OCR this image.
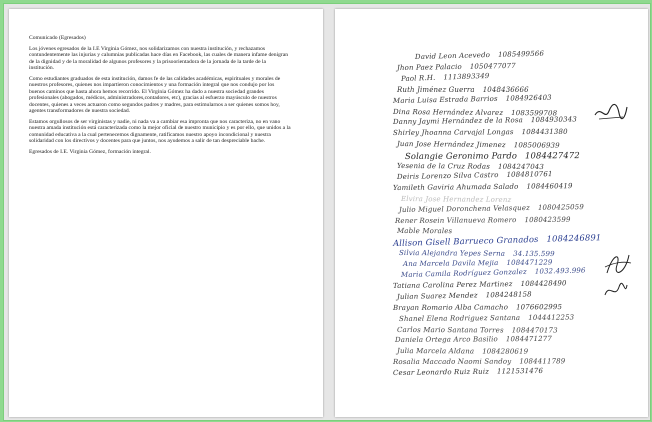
Comunicado (Egresados)

Los jóvenes egresados de la I.E Virginia Gómez, nos solidarizamos con nuestra institución, y rechazamos contundentemente las injurias y calumnias publicadas hace días en Facebook, las cuales de manera infame denigran de la dignidad y de la moralidad de algunos profesores y la prisoorientadora de la jornada de la tarde de la institución.

Como estudiantes graduados de esta institución, damos fe de las calidades académicas, espirituales y morales de nuestros profesores, quienes nos impartieron conocimientos y una formación integral que nos condujo por los buenos caminos que hasta ahora hemos recorrido. El Virginia Gómez ha dado a nuestra sociedad grandes profesionales (abogados, médicos, administradores,contadores, etc), gracias al esfuerzo mayúsculo de nuestros docentes, quienes a veces actuaron como segundos padres y madres, para estimularnos a ser quienes somos hoy, agentes transformadores de nuestra sociedad.

Estamos orgullosos de ser virginistas y nadie, ni nada va a cambiar esa impronta que nos caracteriza, no en vano nuestra amada institución está caracterizada como la mejor oficial de nuestro municipio y es por ello, que unidos a la comunidad educativa a la cual pertenecemos dignamente, ratificamos nuestro apoyo incondicional y nuestra solidaridad con los directivos y docentes para que juntos, nos ayudemos a salir de tan despreciable bache.

Egresados de I.E. Virginia Gómez, formación integral.

David Leon Acevedo 1085499566
Jhon Paez Palacio 1050477077
Paol R.H. 1113893349
Ruth Jiménez Guerra 1048436666
Maria Luisa Estrada Barrios 1084926403
Dina Rosa Hernández Alvarez 1083599708
Danny Jaymi Hernández de la Rosa 1084930343
Shirley Jhoanna Carvajal Longas 1084431380
Juan Jose Hernández Jimenez 1085006939
Solangie Geronimo Pardo 1084427472
Yesenia de la Cruz Rodas 1084247043
Deiris Lorenzo Silva Castro 1084810761
Yamileth Gaviria Ahumada Salado 1084460419
Elvira Jose Hernandez Lorenz
Julio Miguel Doronchena Velasquez 1080425059
Rener Rosein Villanueva Romero 1080423599
Mable Morales
Allison Gisell Barrueco Granados 1084246891
Silvia Alejandra Yepes Serna 34.135.599
Ana Marcela Davila Mejia 1084471229
Maria Camila Rodríguez Gonzalez 1032.493.996
Tatiana Carolina Perez Martinez 1084428490
Julian Suarez Mendez 1084248158
Brayan Romario Alba Camacho 1076602995
Shanel Elena Rodriguez Santana 1044412253
Carlos Mario Santana Torres 1084470173
Daniela Ortega Arco Basilio 1084471277
Julia Marcela Aldana 1084280619
Rosalia Maccado Naomi Sandoy 1084411789
Cesar Leonardo Ruiz Ruiz 1121531476
